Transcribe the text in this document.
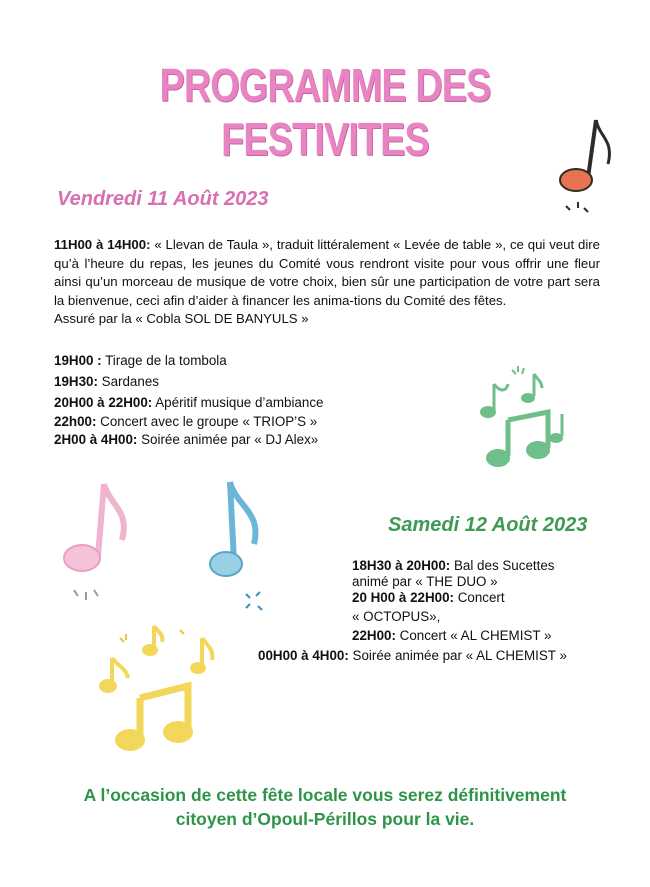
PROGRAMME DES FESTIVITES
Vendredi 11 Août 2023
11H00 à 14H00: « Llevan de Taula », traduit littéralement « Levée de table », ce qui veut dire qu’à l’heure du repas, les jeunes du Comité vous rendront visite pour vous offrir une fleur ainsi qu’un morceau de musique de votre choix, bien sûr une participation de votre part sera la bienvenue, ceci afin d’aider à financer les anima-tions du Comité des fêtes.
Assuré par la « Cobla SOL DE BANYULS »
19H00 : Tirage de la tombola
19H30: Sardanes
20H00 à 22H00: Apéritif musique d’ambiance
22h00: Concert avec le groupe « TRIOP’S »
2H00 à 4H00: Soirée animée par « DJ Alex»
Samedi 12 Août 2023
18H30 à 20H00: Bal des Sucettes
animé par « THE DUO »
20 H00 à 22H00: Concert
« OCTOPUS»,
22H00: Concert « AL CHEMIST »
00H00 à 4H00: Soirée animée par « AL CHEMIST »
A l’occasion de cette fête locale vous serez définitivement
citoyen d’Opoul-Périllos pour la vie.
